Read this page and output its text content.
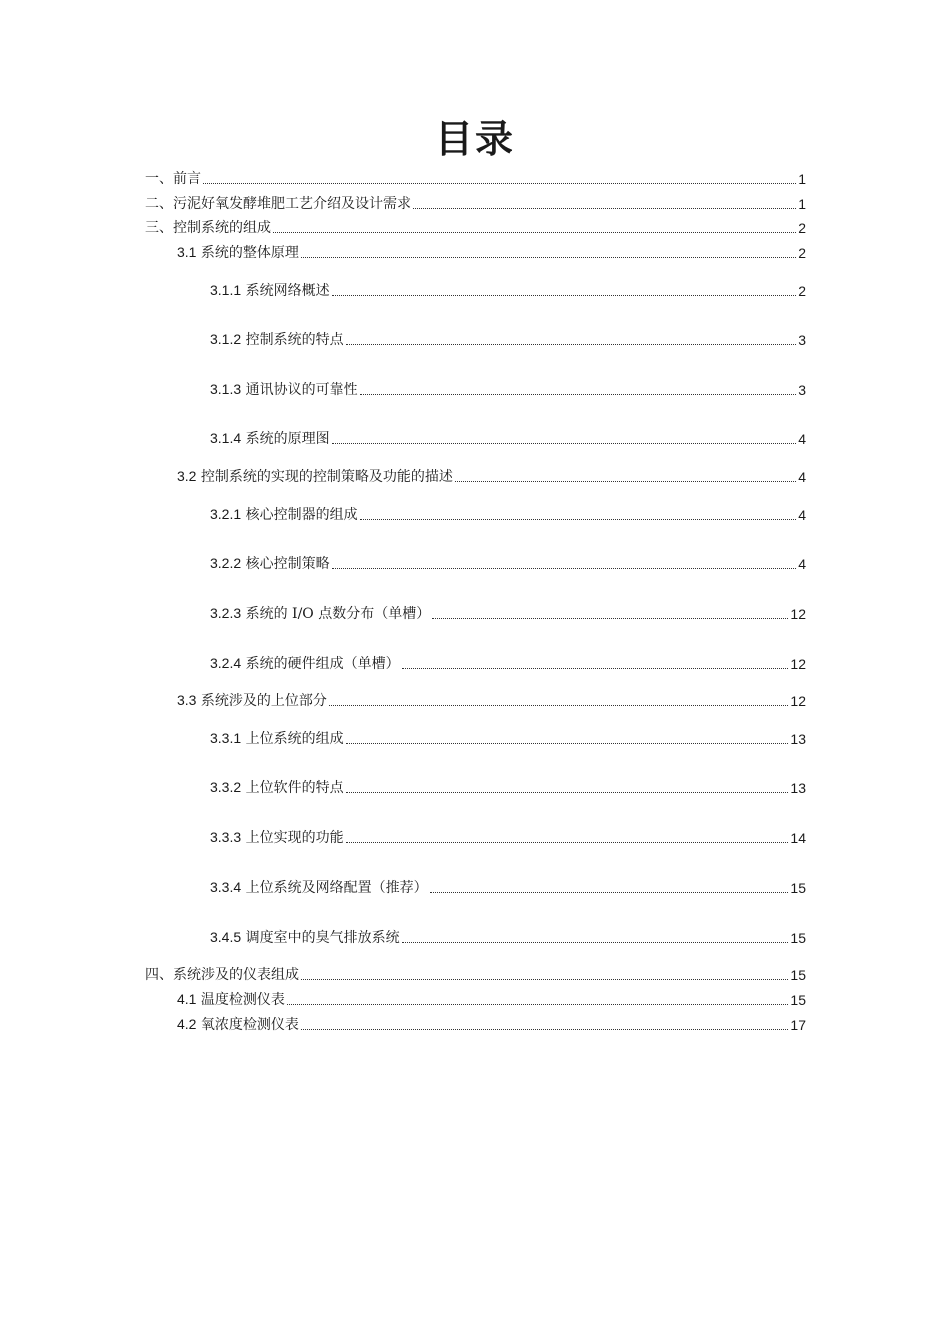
目录
一、前言	1
二、污泥好氧发酵堆肥工艺介绍及设计需求	1
三、控制系统的组成	2
3.1 系统的整体原理	2
3.1.1 系统网络概述	2
3.1.2 控制系统的特点	3
3.1.3 通讯协议的可靠性	3
3.1.4 系统的原理图	4
3.2 控制系统的实现的控制策略及功能的描述	4
3.2.1 核心控制器的组成	4
3.2.2 核心控制策略	4
3.2.3 系统的 I/O 点数分布（单槽）	12
3.2.4 系统的硬件组成（单槽）	12
3.3 系统涉及的上位部分	12
3.3.1 上位系统的组成	13
3.3.2 上位软件的特点	13
3.3.3 上位实现的功能	14
3.3.4 上位系统及网络配置（推荐）	15
3.4.5 调度室中的臭气排放系统	15
四、系统涉及的仪表组成	15
4.1 温度检测仪表	15
4.2 氧浓度检测仪表	17
